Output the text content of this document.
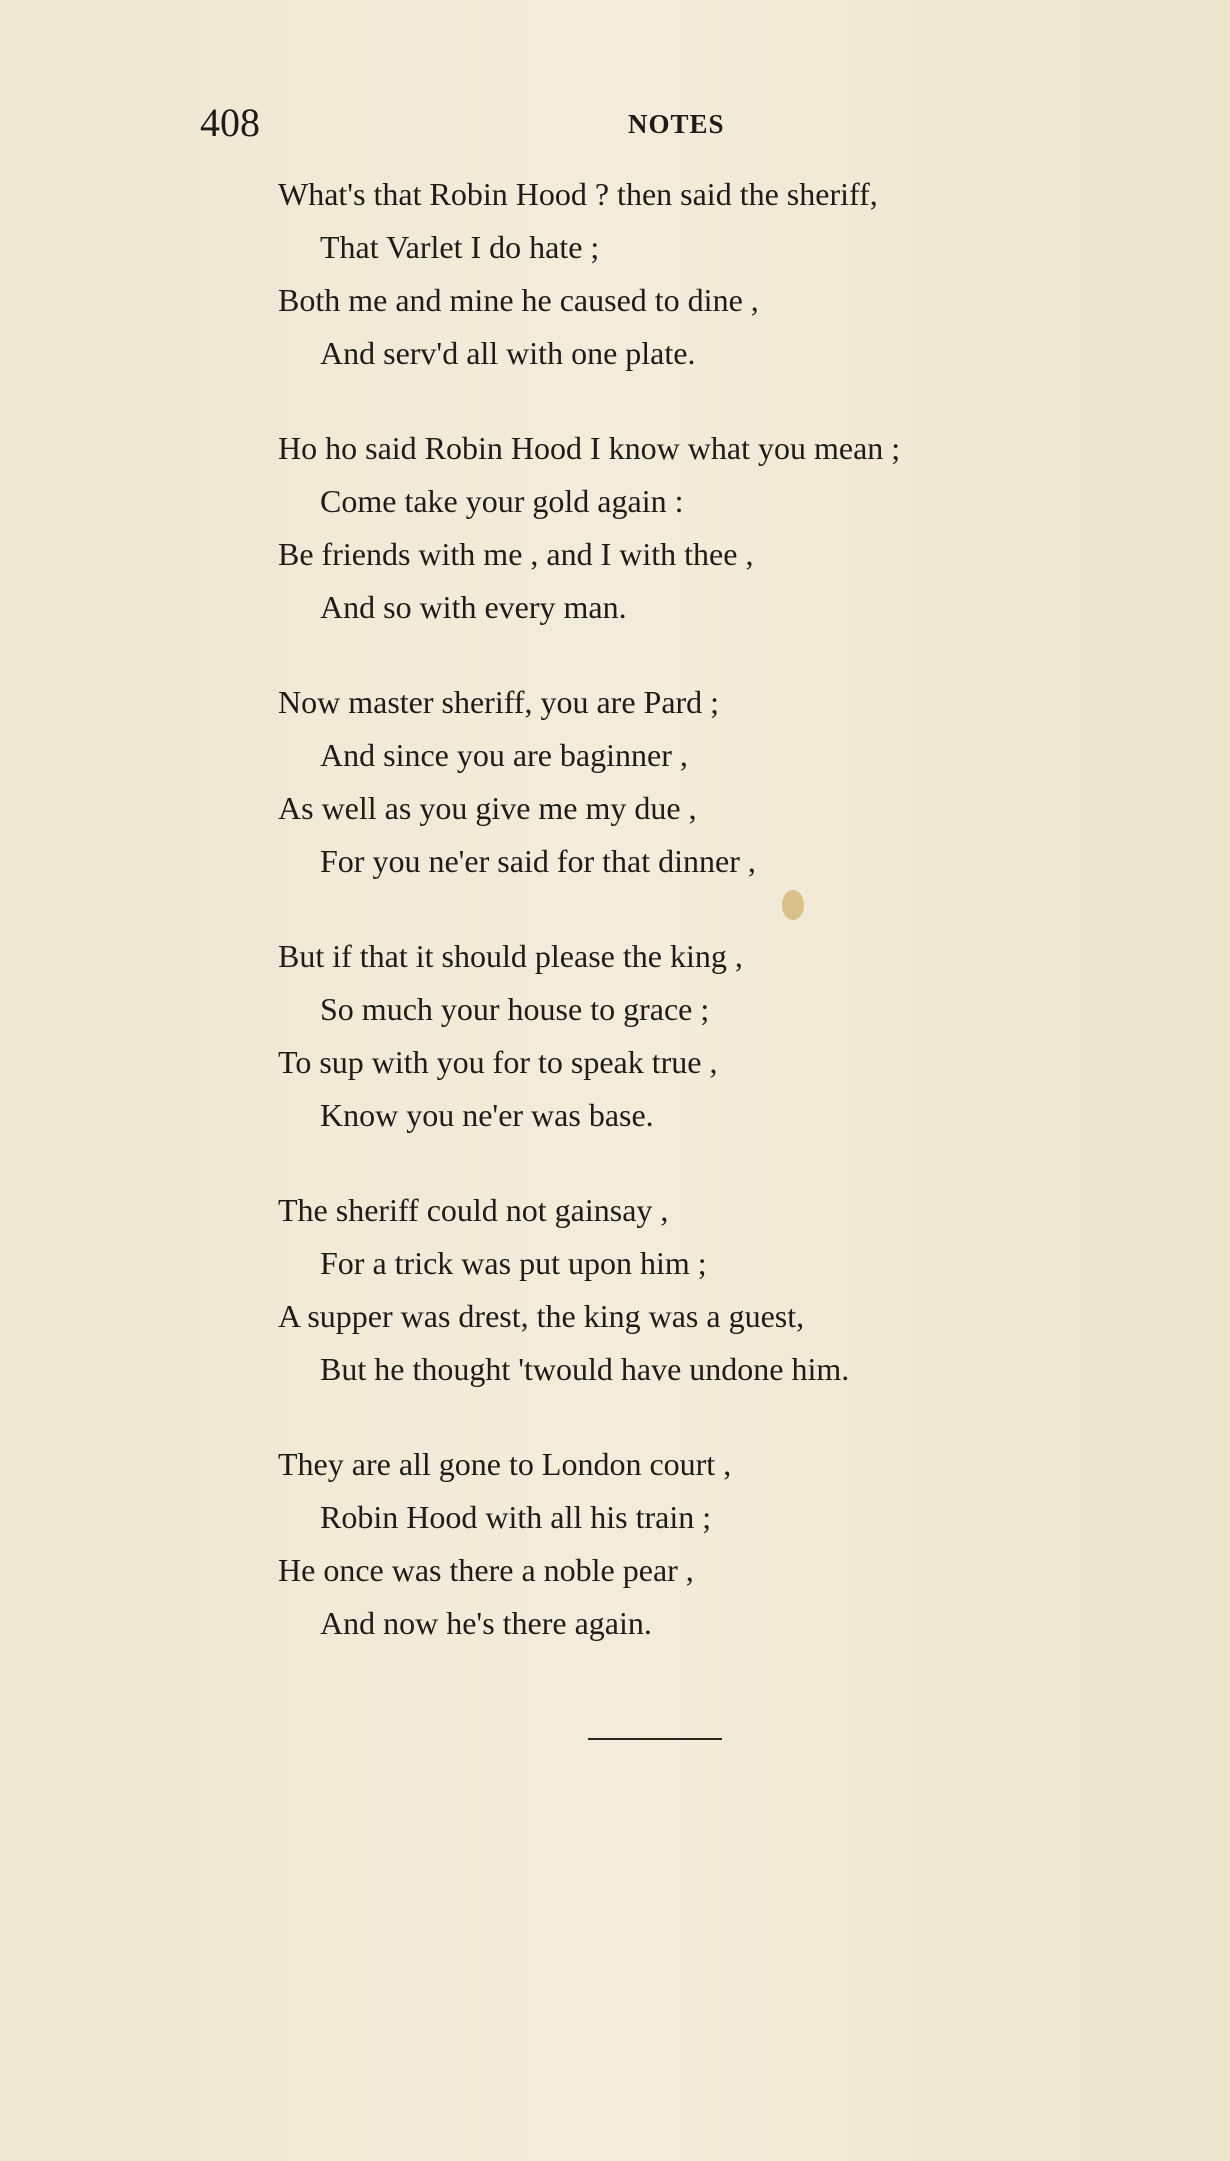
408	NOTES
What's that Robin Hood ? then said the sheriff,
That Varlet I do hate ;
Both me and mine he caused to dine ,
And serv'd all with one plate.
Ho ho said Robin Hood I know what you mean ;
Come take your gold again :
Be friends with me , and I with thee ,
And so with every man.
Now master sheriff, you are Pard ;
And since you are baginner ,
As well as you give me my due ,
For you ne'er said for that dinner ,
But if that it should please the king ,
So much your house to grace ;
To sup with you for to speak true ,
Know you ne'er was base.
The sheriff could not gainsay ,
For a trick was put upon him ;
A supper was drest, the king was a guest,
But he thought 'twould have undone him.
They are all gone to London court ,
Robin Hood with all his train ;
He once was there a noble pear ,
And now he's there again.
